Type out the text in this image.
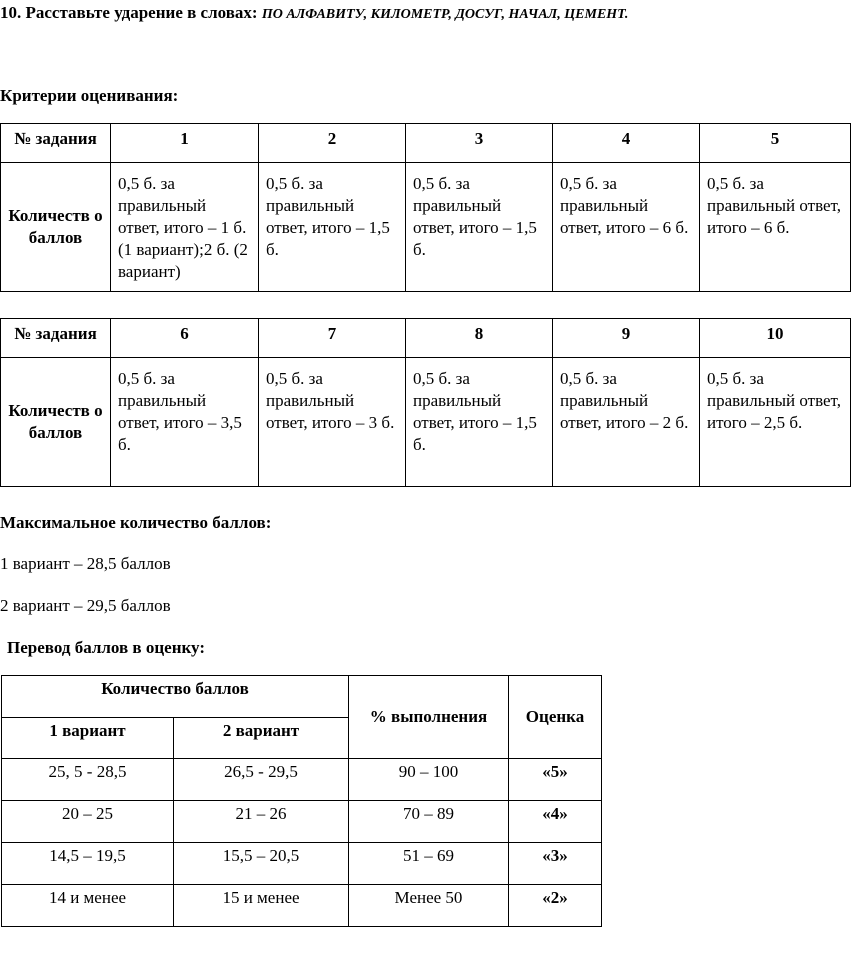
10. Расставьте ударение в словах: ПО АЛФАВИТУ, КИЛОМЕТР, ДОСУГ, НАЧАЛ, ЦЕМЕНТ.
Критерии оценивания:
№ задания	1	2	3	4	5
Количеств о баллов	0,5 б. за правильный ответ, итого – 1 б. (1 вариант);2 б. (2 вариант)	0,5 б. за правильный ответ, итого – 1,5 б.	0,5 б. за правильный ответ, итого – 1,5 б.	0,5 б. за правильный ответ, итого – 6 б.	0,5 б. за правильный ответ, итого – 6 б.
№ задания	6	7	8	9	10
Количеств о баллов	0,5 б. за правильный ответ, итого – 3,5 б.	0,5 б. за правильный ответ, итого – 3 б.	0,5 б. за правильный ответ, итого – 1,5 б.	0,5 б. за правильный ответ, итого – 2 б.	0,5 б. за правильный ответ, итого – 2,5 б.
Максимальное количество баллов:
1 вариант – 28,5 баллов
2 вариант – 29,5 баллов
Перевод баллов в оценку:
Количество баллов		% выполнения	Оценка
1 вариант	2 вариант		
25, 5 - 28,5	26,5 - 29,5	90 – 100	«5»
20 – 25	21 – 26	70 – 89	«4»
14,5 – 19,5	15,5 – 20,5	51 – 69	«3»
14 и менее	15 и менее	Менее 50	«2»
